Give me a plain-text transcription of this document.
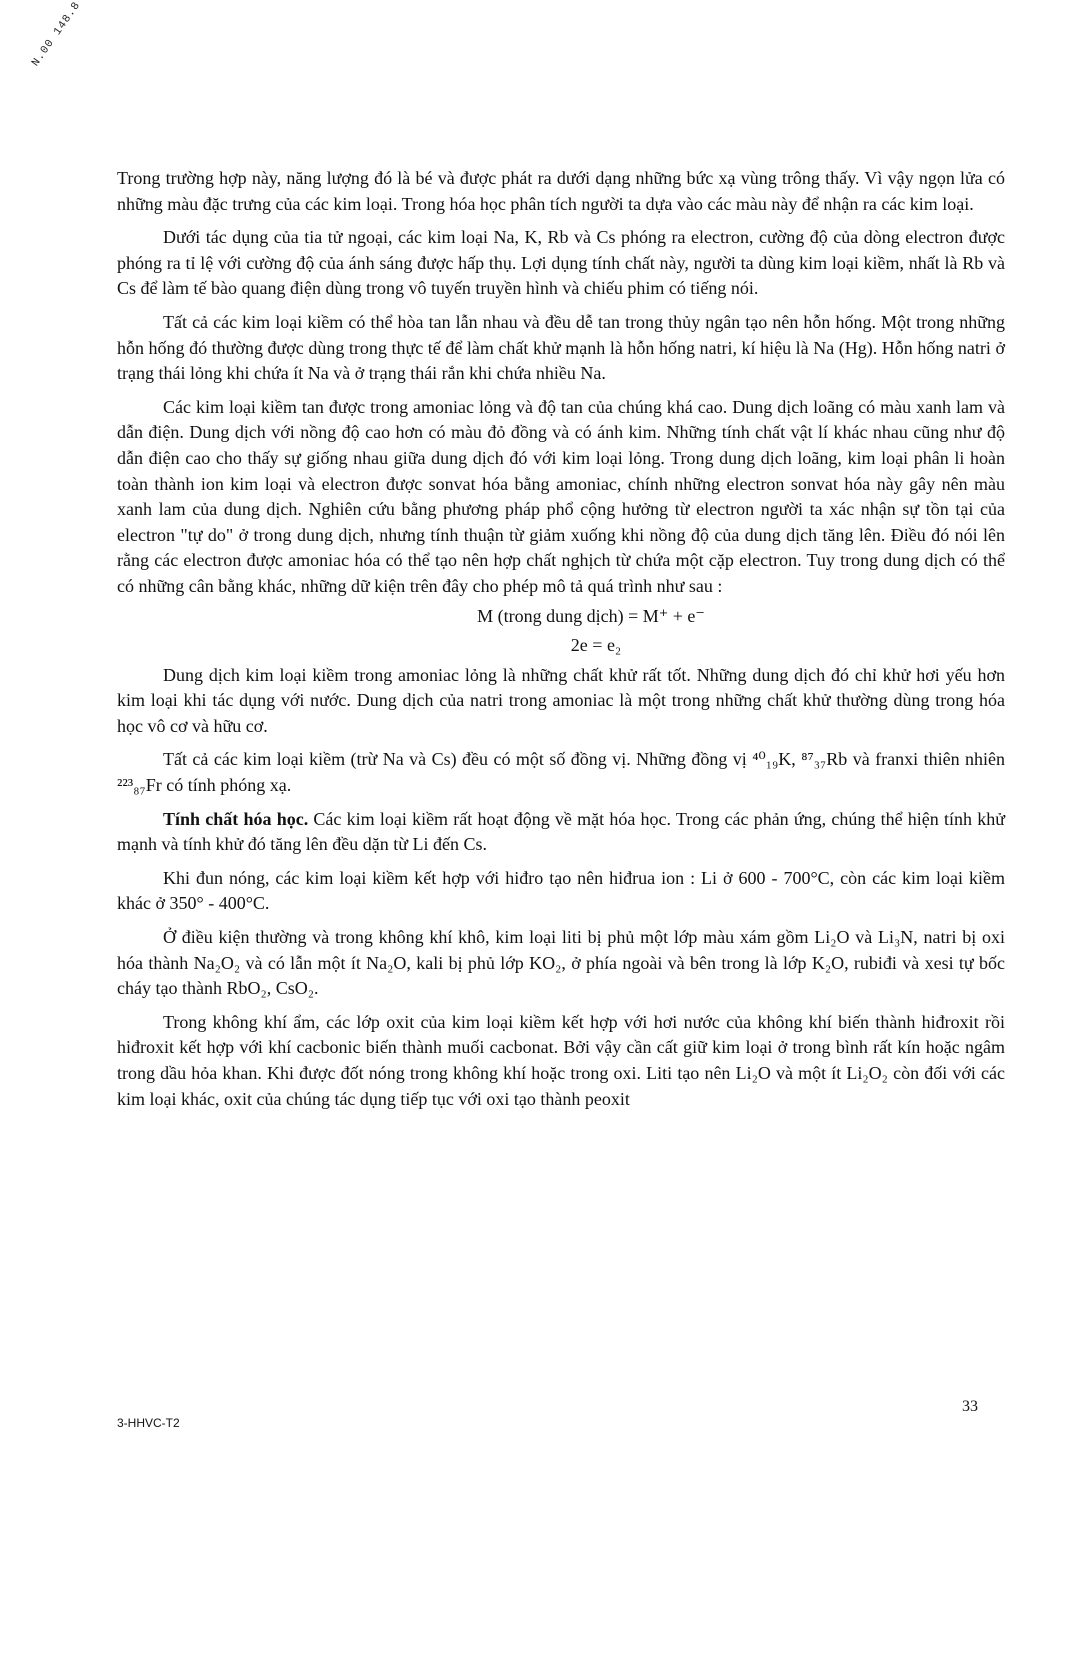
N.00 148.8

Trong trường hợp này, năng lượng đó là bé và được phát ra dưới dạng những bức xạ vùng trông thấy. Vì vậy ngọn lửa có những màu đặc trưng của các kim loại. Trong hóa học phân tích người ta dựa vào các màu này để nhận ra các kim loại.

Dưới tác dụng của tia tử ngoại, các kim loại Na, K, Rb và Cs phóng ra electron, cường độ của dòng electron được phóng ra tỉ lệ với cường độ của ánh sáng được hấp thụ. Lợi dụng tính chất này, người ta dùng kim loại kiềm, nhất là Rb và Cs để làm tế bào quang điện dùng trong vô tuyến truyền hình và chiếu phim có tiếng nói.

Tất cả các kim loại kiềm có thể hòa tan lẫn nhau và đều dễ tan trong thủy ngân tạo nên hỗn hống. Một trong những hỗn hống đó thường được dùng trong thực tế để làm chất khử mạnh là hỗn hống natri, kí hiệu là Na (Hg). Hỗn hống natri ở trạng thái lỏng khi chứa ít Na và ở trạng thái rắn khi chứa nhiều Na.

Các kim loại kiềm tan được trong amoniac lỏng và độ tan của chúng khá cao. Dung dịch loãng có màu xanh lam và dẫn điện. Dung dịch với nồng độ cao hơn có màu đỏ đồng và có ánh kim. Những tính chất vật lí khác nhau cũng như độ dẫn điện cao cho thấy sự giống nhau giữa dung dịch đó với kim loại lỏng. Trong dung dịch loãng, kim loại phân li hoàn toàn thành ion kim loại và electron được sonvat hóa bằng amoniac, chính những electron sonvat hóa này gây nên màu xanh lam của dung dịch. Nghiên cứu bằng phương pháp phổ cộng hưởng từ electron người ta xác nhận sự tồn tại của electron "tự do" ở trong dung dịch, nhưng tính thuận từ giảm xuống khi nồng độ của dung dịch tăng lên. Điều đó nói lên rằng các electron được amoniac hóa có thể tạo nên hợp chất nghịch từ chứa một cặp electron. Tuy trong dung dịch có thể có những cân bằng khác, những dữ kiện trên đây cho phép mô tả quá trình như sau :

M (trong dung dịch) = M⁺ + e⁻
2e = e₂

Dung dịch kim loại kiềm trong amoniac lỏng là những chất khử rất tốt. Những dung dịch đó chỉ khử hơi yếu hơn kim loại khi tác dụng với nước. Dung dịch của natri trong amoniac là một trong những chất khử thường dùng trong hóa học vô cơ và hữu cơ.

Tất cả các kim loại kiềm (trừ Na và Cs) đều có một số đồng vị. Những đồng vị ⁴⁰₁₉K, ⁸⁷₃₇Rb và franxi thiên nhiên ²²³₈₇Fr có tính phóng xạ.

Tính chất hóa học. Các kim loại kiềm rất hoạt động về mặt hóa học. Trong các phản ứng, chúng thể hiện tính khử mạnh và tính khử đó tăng lên đều dặn từ Li đến Cs.

Khi đun nóng, các kim loại kiềm kết hợp với hiđro tạo nên hiđrua ion : Li ở 600 - 700°C, còn các kim loại kiềm khác ở 350° - 400°C.

Ở điều kiện thường và trong không khí khô, kim loại liti bị phủ một lớp màu xám gồm Li₂O và Li₃N, natri bị oxi hóa thành Na₂O₂ và có lẫn một ít Na₂O, kali bị phủ lớp KO₂, ở phía ngoài và bên trong là lớp K₂O, rubiđi và xesi tự bốc cháy tạo thành RbO₂, CsO₂.

Trong không khí ẩm, các lớp oxit của kim loại kiềm kết hợp với hơi nước của không khí biến thành hiđroxit rồi hiđroxit kết hợp với khí cacbonic biến thành muối cacbonat. Bởi vậy cần cất giữ kim loại ở trong bình rất kín hoặc ngâm trong dầu hỏa khan. Khi được đốt nóng trong không khí hoặc trong oxi. Liti tạo nên Li₂O và một ít Li₂O₂ còn đối với các kim loại khác, oxit của chúng tác dụng tiếp tục với oxi tạo thành peoxit

33
3-HHVC-T2
